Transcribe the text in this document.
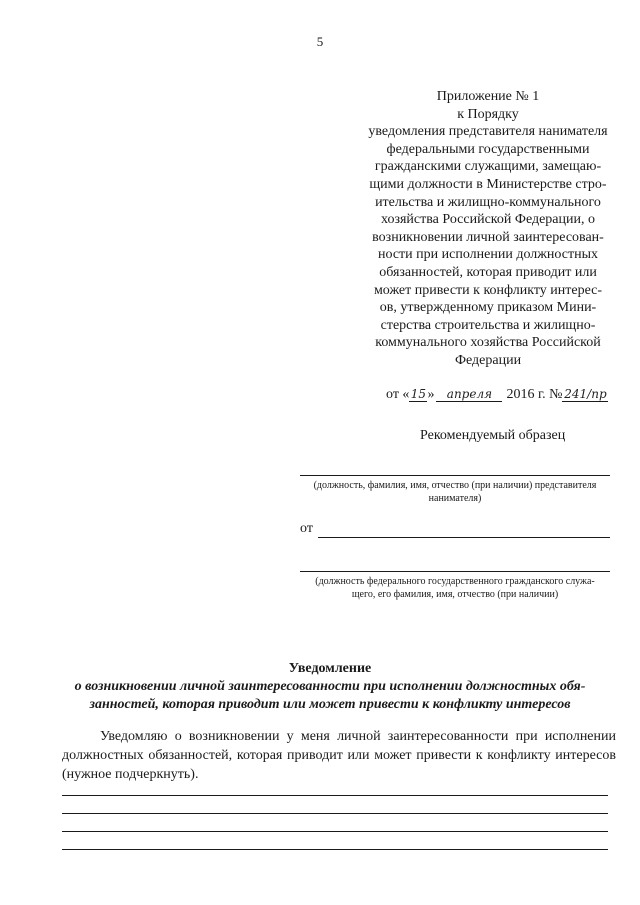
5
Приложение № 1
к Порядку
уведомления представителя нанимателя
федеральными государственными
гражданскими служащими, замещаю-
щими должности в Министерстве стро-
ительства и жилищно-коммунального
хозяйства Российской Федерации, о
возникновении личной заинтересован-
ности при исполнении должностных
обязанностей, которая приводит или
может привести к конфликту интерес-
ов, утвержденному приказом Мини-
стерства строительства и жилищно-
коммунального хозяйства Российской
Федерации
от « 15 »	апреля	2016 г. № 241/пр
Рекомендуемый образец
(должность, фамилия, имя, отчество (при наличии) представителя
нанимателя)
от
(должность федерального государственного гражданского служа-
щего, его фамилия, имя, отчество (при наличии)
Уведомление
о возникновении личной заинтересованности при исполнении должностных обя-
занностей, которая приводит или может привести к конфликту интересов
Уведомляю о возникновении у меня личной заинтересованности при исполнении должностных обязанностей, которая приводит или может привести к конфликту интересов (нужное подчеркнуть).
